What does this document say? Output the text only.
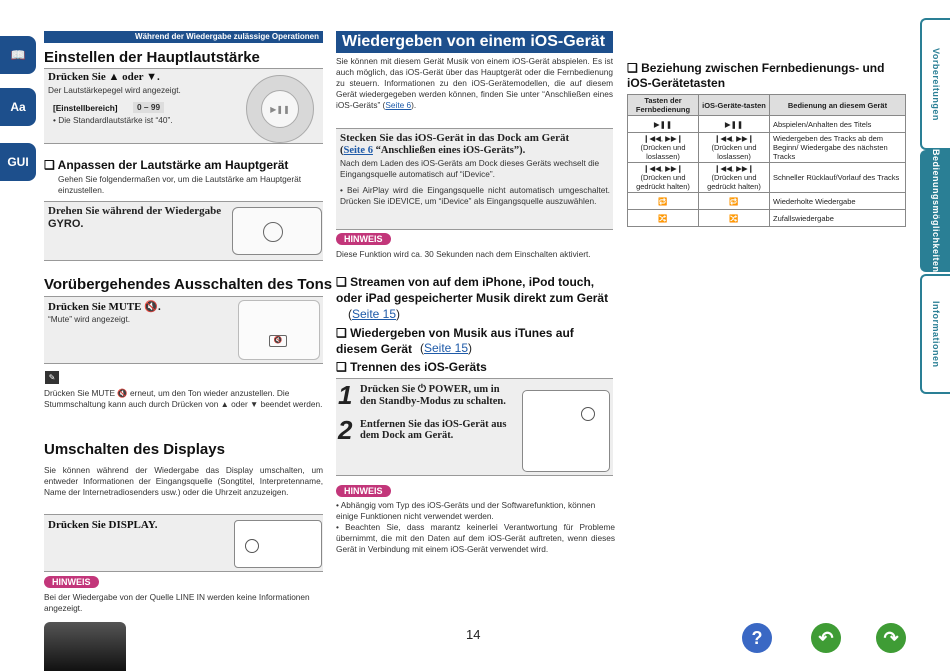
📖
Aa
GUI
Vorbereitungen
Bedienungsmöglichkeiten
Informationen
Während der Wiedergabe zulässige Operationen
Einstellen der Hauptlautstärke
Drücken Sie ▲ oder ▼.
Der Lautstärkepegel wird angezeigt.
[Einstellbereich]	0 – 99
• Die Standardlautstärke ist “40”.
▶❚❚
❑ Anpassen der Lautstärke am Hauptgerät
Gehen Sie folgendermaßen vor, um die Lautstärke am Hauptgerät einzustellen.
Drehen Sie während der Wiedergabe
GYRO.
Vorübergehendes Ausschalten des Tons
Drücken Sie MUTE 🔇.
“Mute” wird angezeigt.
🔇
✎
Drücken Sie MUTE 🔇 erneut, um den Ton wieder anzustellen. Die Stummschaltung kann auch durch Drücken von ▲ oder ▼ beendet werden.
Umschalten des Displays
Sie können während der Wiedergabe das Display umschalten, um entweder Informationen der Eingangsquelle (Songtitel, Interpretenname, Name der Internetradiosenders usw.) oder die Uhrzeit anzuzeigen.
Drücken Sie DISPLAY.
HINWEIS
Bei der Wiedergabe von der Quelle LINE IN werden keine Informationen angezeigt.
Wiedergeben von einem iOS-Gerät
Sie können mit diesem Gerät Musik von einem iOS-Gerät abspielen. Es ist auch möglich, das iOS-Gerät über das Hauptgerät oder die Fernbedienung zu steuern. Informationen zu den iOS-Gerätemodellen, die auf diesem Gerät wiedergegeben werden können, finden Sie unter “Anschließen eines iOS-Geräts” (Seite 6).
Stecken Sie das iOS-Gerät in das Dock am Gerät
(Seite 6 “Anschließen eines iOS-Geräts”).
Nach dem Laden des iOS-Geräts am Dock dieses Geräts wechselt die Eingangsquelle automatisch auf “iDevice”.
• Bei AirPlay wird die Eingangsquelle nicht automatisch umgeschaltet. Drücken Sie iDEVICE, um “iDevice” als Eingangsquelle auszuwählen.
HINWEIS
Diese Funktion wird ca. 30 Sekunden nach dem Einschalten aktiviert.
❑ Streamen von auf dem iPhone, iPod touch, oder iPad gespeicherter Musik direkt zum Gerät
(Seite 15)
❑ Wiedergeben von Musik aus iTunes auf diesem Gerät (Seite 15)
❑ Trennen des iOS-Geräts
1 Drücken Sie ⏻ POWER, um in den Standby-Modus zu schalten.
2 Entfernen Sie das iOS-Gerät aus dem Dock am Gerät.
HINWEIS
• Abhängig vom Typ des iOS-Geräts und der Softwarefunktion, können einige Funktionen nicht verwendet werden.
• Beachten Sie, dass marantz keinerlei Verantwortung für Probleme übernimmt, die mit den Daten auf dem iOS-Gerät auftreten, wenn dieses Gerät in Verbindung mit einem iOS-Gerät verwendet wird.
❑ Beziehung zwischen Fernbedienungs- und iOS-Gerätetasten
Tasten der Fernbedienung	iOS-Geräte-tasten	Bedienung an diesem Gerät
▶❚❚	▶❚❚	Abspielen/Anhalten des Titels
❙◀◀, ▶▶❙ (Drücken und loslassen)	❙◀◀, ▶▶❙ (Drücken und loslassen)	Wiedergeben des Tracks ab dem Beginn/ Wiedergabe des nächsten Tracks
❙◀◀, ▶▶❙ (Drücken und gedrückt halten)	❙◀◀, ▶▶❙ (Drücken und gedrückt halten)	Schneller Rücklauf/Vorlauf des Tracks
🔁	🔁	Wiederholte Wiedergabe
🔀	🔀	Zufallswiedergabe
14	?	↶	↷
